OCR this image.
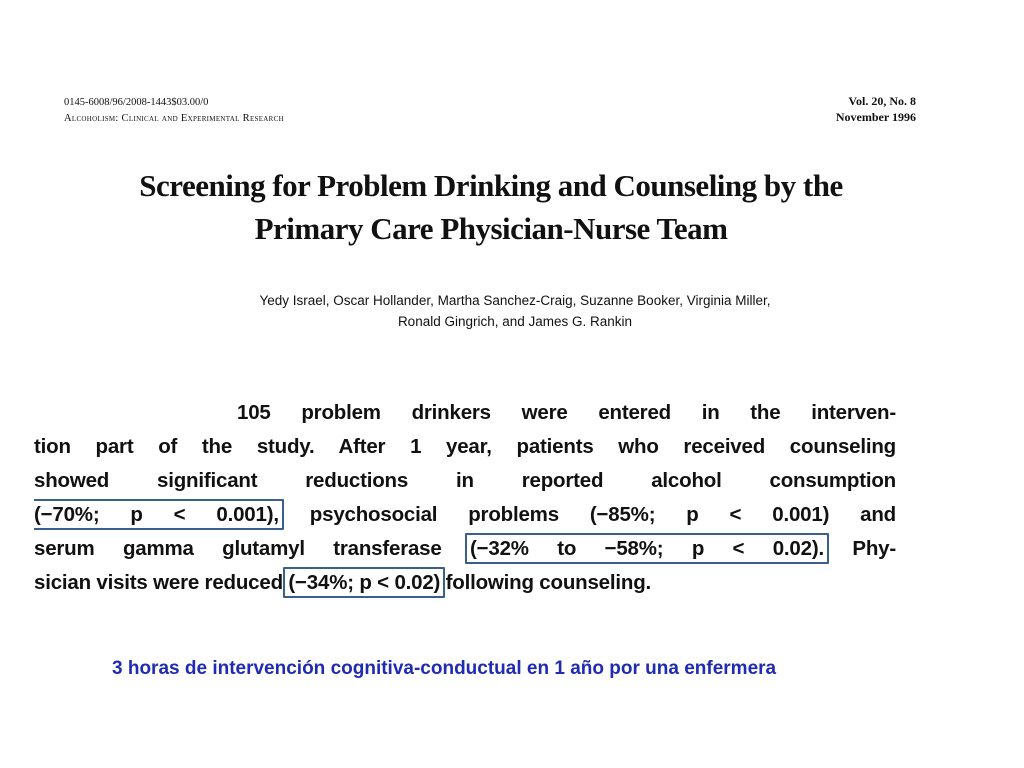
0145-6008/96/2008-1443$03.00/0
Alcoholism: Clinical and Experimental Research
Vol. 20, No. 8
November 1996
Screening for Problem Drinking and Counseling by the
Primary Care Physician-Nurse Team
Yedy Israel, Oscar Hollander, Martha Sanchez-Craig, Suzanne Booker, Virginia Miller,
Ronald Gingrich, and James G. Rankin
105 problem drinkers were entered in the interven-
tion part of the study. After 1 year, patients who received counseling
showed significant reductions in reported alcohol consumption
(−70%; p < 0.001), psychosocial problems (−85%; p < 0.001) and
serum gamma glutamyl transferase (−32% to −58%; p < 0.02). Phy-
sician visits were reduced (−34%; p < 0.02) following counseling.
3 horas de intervención cognitiva-conductual en 1 año por una enfermera
